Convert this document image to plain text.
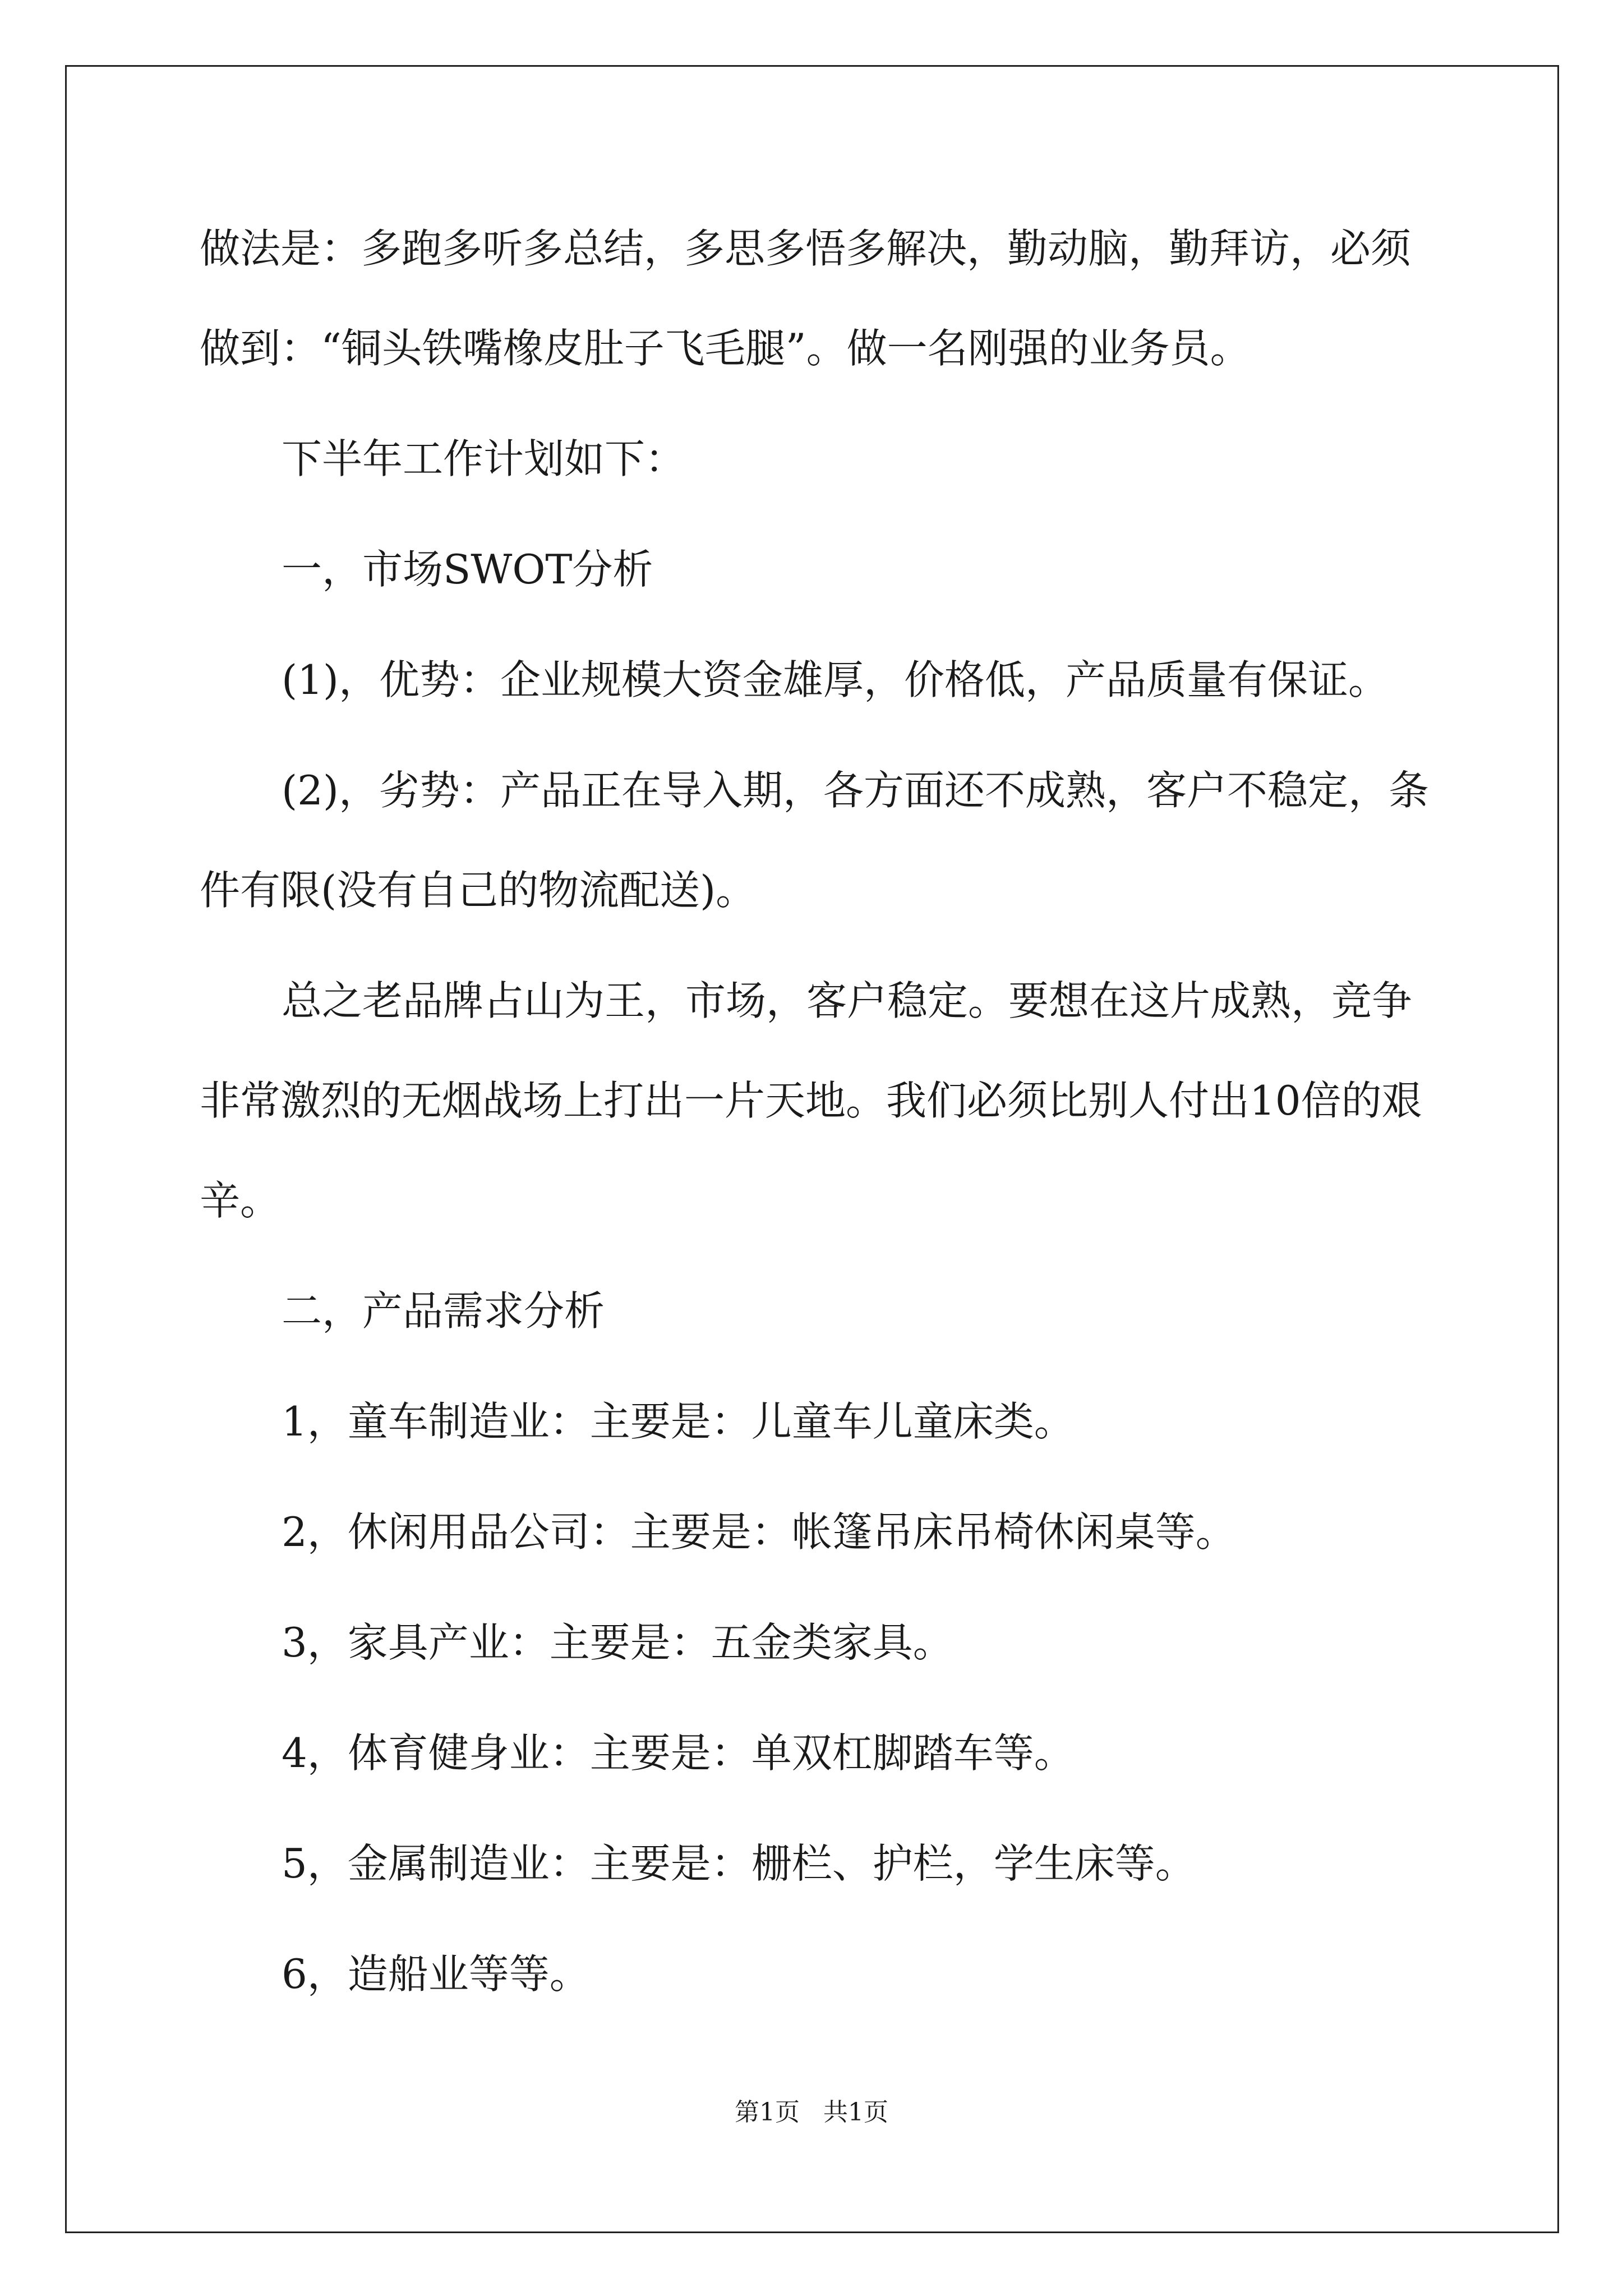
做法是：多跑多听多总结，多思多悟多解决，勤动脑，勤拜访，必须
做到：“铜头铁嘴橡皮肚子飞毛腿”。做一名刚强的业务员。
下半年工作计划如下：
一，市场SWOT分析
(1)，优势：企业规模大资金雄厚，价格低，产品质量有保证。
(2)，劣势：产品正在导入期，各方面还不成熟，客户不稳定，条
件有限(没有自己的物流配送)。
总之老品牌占山为王，市场，客户稳定。要想在这片成熟，竞争
非常激烈的无烟战场上打出一片天地。我们必须比别人付出10倍的艰
辛。
二，产品需求分析
1，童车制造业：主要是：儿童车儿童床类。
2，休闲用品公司：主要是：帐篷吊床吊椅休闲桌等。
3，家具产业：主要是：五金类家具。
4，体育健身业：主要是：单双杠脚踏车等。
5，金属制造业：主要是：栅栏、护栏，学生床等。
6，造船业等等。
第1页   共1页
